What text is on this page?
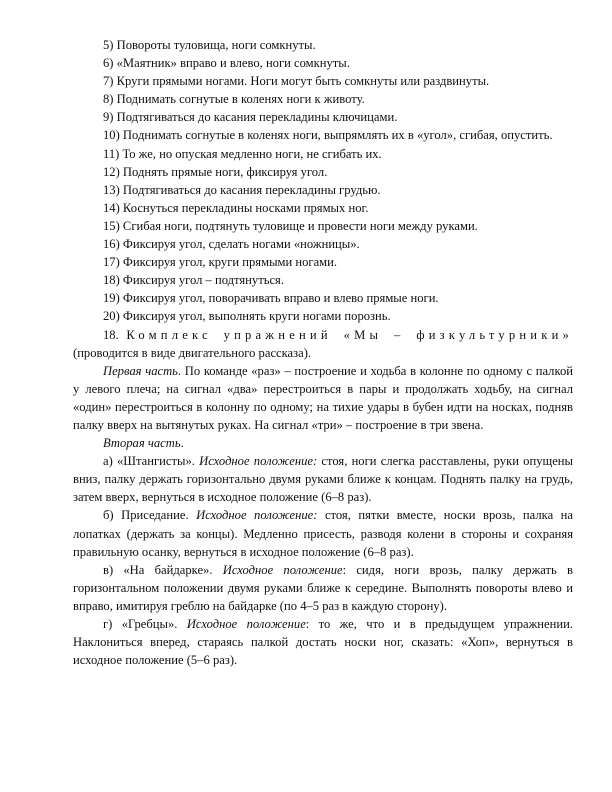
5) Повороты туловища, ноги сомкнуты.

6) «Маятник» вправо и влево, ноги сомкнуты.

7) Круги прямыми ногами. Ноги могут быть сомкнуты или раздвинуты.

8) Поднимать согнутые в коленях ноги к животу.

9) Подтягиваться до касания перекладины ключицами.

10) Поднимать согнутые в коленях ноги, выпрямлять их в «угол», сгибая, опустить.

11) То же, но опуская медленно ноги, не сгибать их.

12) Поднять прямые ноги, фиксируя угол.

13) Подтягиваться до касания перекладины грудью.

14) Коснуться перекладины носками прямых ног.

15) Сгибая ноги, подтянуть туловище и провести ноги между руками.

16) Фиксируя угол, сделать ногами «ножницы».

17) Фиксируя угол, круги прямыми ногами.

18) Фиксируя угол – подтянуться.

19) Фиксируя угол, поворачивать вправо и влево прямые ноги.

20) Фиксируя угол, выполнять круги ногами порознь.

18. Комплекс упражнений «Мы – физкультурники»

(проводится в виде двигательного рассказа).

Первая часть. По команде «раз» – построение и ходьба в колонне по одному с палкой у левого плеча; на сигнал «два» перестроиться в пары и продолжать ходьбу, на сигнал «один» перестроиться в колонну по одному; на тихие удары в бубен идти на носках, подняв палку вверх на вытянутых руках. На сигнал «три» – построение в три звена.

Вторая часть.

а) «Штангисты». Исходное положение: стоя, ноги слегка расставлены, руки опущены вниз, палку держать горизонтально двумя руками ближе к концам. Поднять палку на грудь, затем вверх, вернуться в исходное положение (6–8 раз).

б) Приседание. Исходное положение: стоя, пятки вместе, носки врозь, палка на лопатках (держать за концы). Медленно присесть, разводя колени в стороны и сохраняя правильную осанку, вернуться в исходное положение (6–8 раз).

в) «На байдарке». Исходное положение: сидя, ноги врозь, палку держать в горизонтальном положении двумя руками ближе к середине. Выполнять повороты влево и вправо, имитируя греблю на байдарке (по 4–5 раз в каждую сторону).

г) «Гребцы». Исходное положение: то же, что и в предыдущем упражнении. Наклониться вперед, стараясь палкой достать носки ног, сказать: «Хоп», вернуться в исходное положение (5–6 раз).
